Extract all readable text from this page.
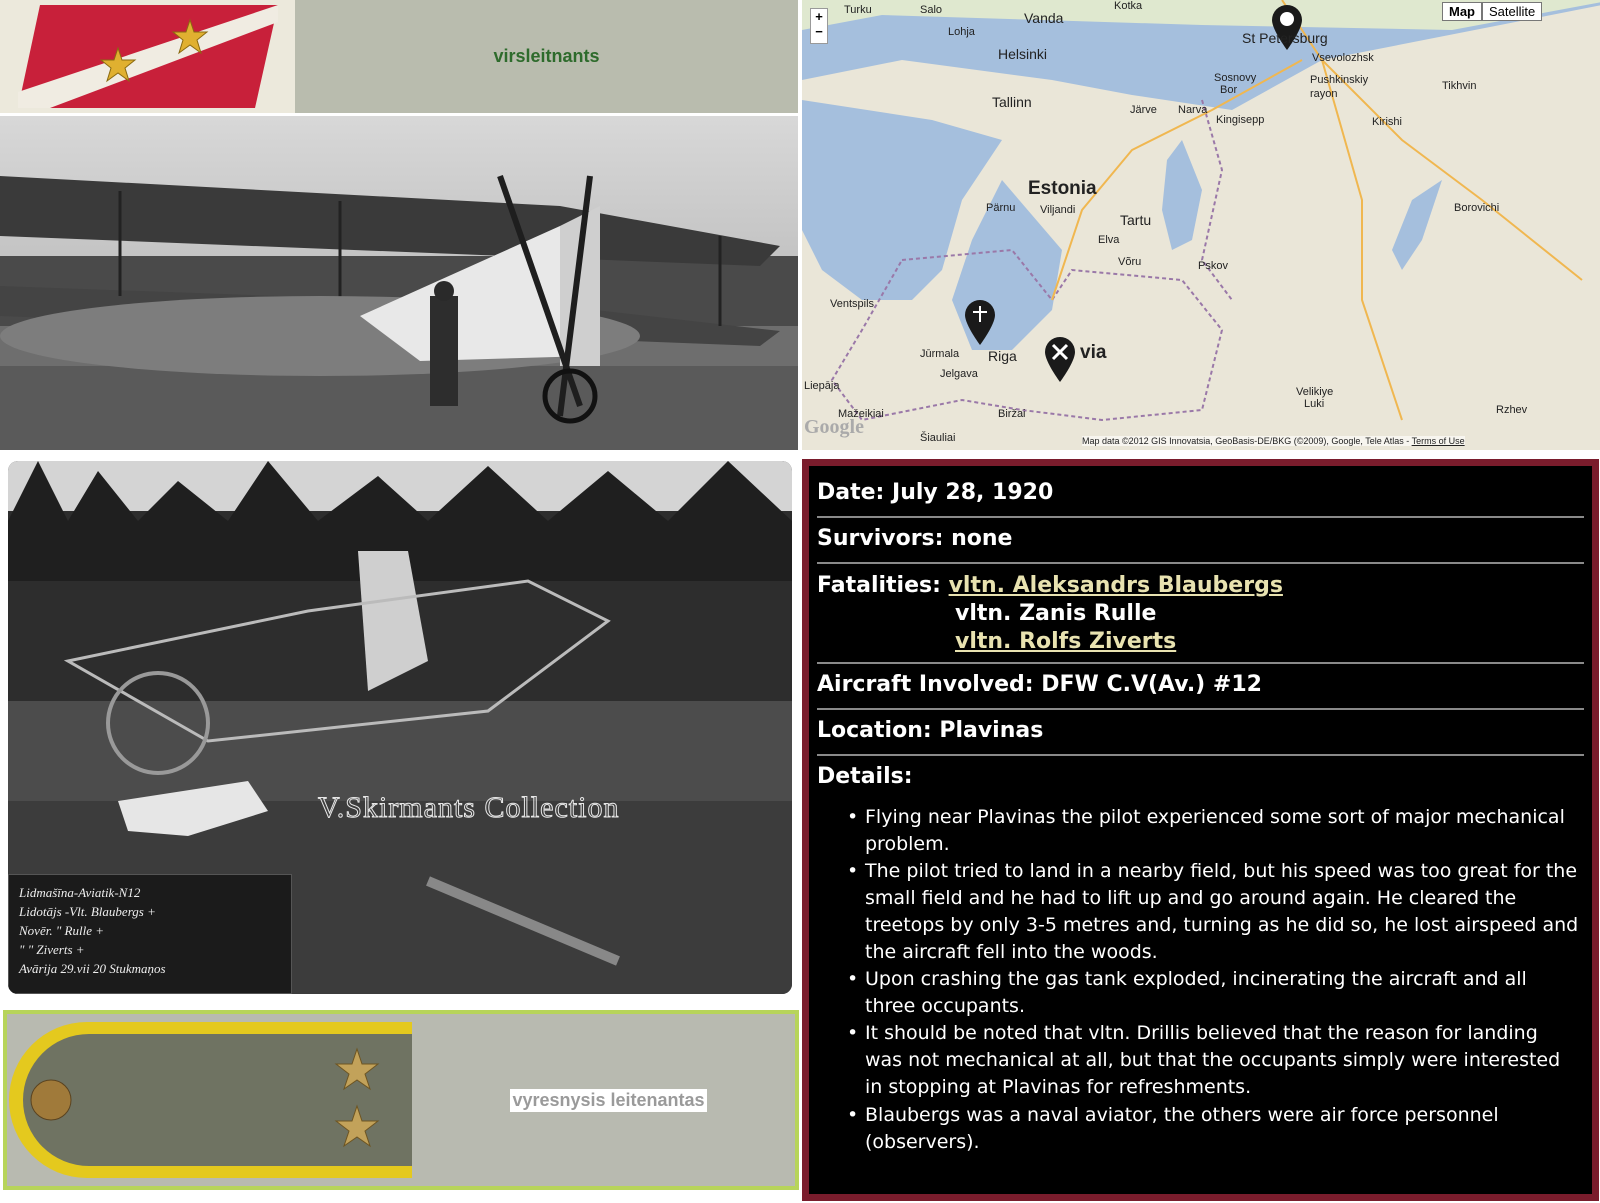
virsleitnants
+
−
Map	Satellite
Turku	Salo	Vanda
Lohja
Helsinki
Kotka
St Petersburg
Vsevolozhsk
Sosnovy
Bor
Pushkinskiy
rayon
Tikhvin
Tallinn	Järve Narva
Kingisepp	Kirishi
Estonia
Pärnu Viljandi
Tartu
Elva
Võru	Pskov
Borovichi
Ventspils
Jūrmala Riga	via
Jelgava
Liepāja
Mažeikiai	Biržai
Šiauliai
Velikiye
Luki	Rzhev
Google
Map data ©2012 GIS Innovatsia, GeoBasis-DE/BKG (©2009), Google, Tele Atlas - Terms of Use
V.Skirmants Collection
Lidmašīna-Aviatik-N12
Lidotājs -Vlt. Blaubergs +
Novēr. " Rulle +
" " Ziverts +
Avārija 29.vii 20 Stukmaņos
vyresnysis leitenantas
Date: July 28, 1920
Survivors: none
Fatalities: vltn. Aleksandrs Blaubergs
vltn. Zanis Rulle
vltn. Rolfs Ziverts
Aircraft Involved: DFW C.V(Av.) #12
Location: Plavinas
Details:
• Flying near Plavinas the pilot experienced some sort of major mechanical problem.
• The pilot tried to land in a nearby field, but his speed was too great for the small field and he had to lift up and go around again. He cleared the treetops by only 3-5 metres and, turning as he did so, he lost airspeed and the aircraft fell into the woods.
• Upon crashing the gas tank exploded, incinerating the aircraft and all three occupants.
• It should be noted that vltn. Drillis believed that the reason for landing was not mechanical at all, but that the occupants simply were interested in stopping at Plavinas for refreshments.
• Blaubergs was a naval aviator, the others were air force personnel (observers).
